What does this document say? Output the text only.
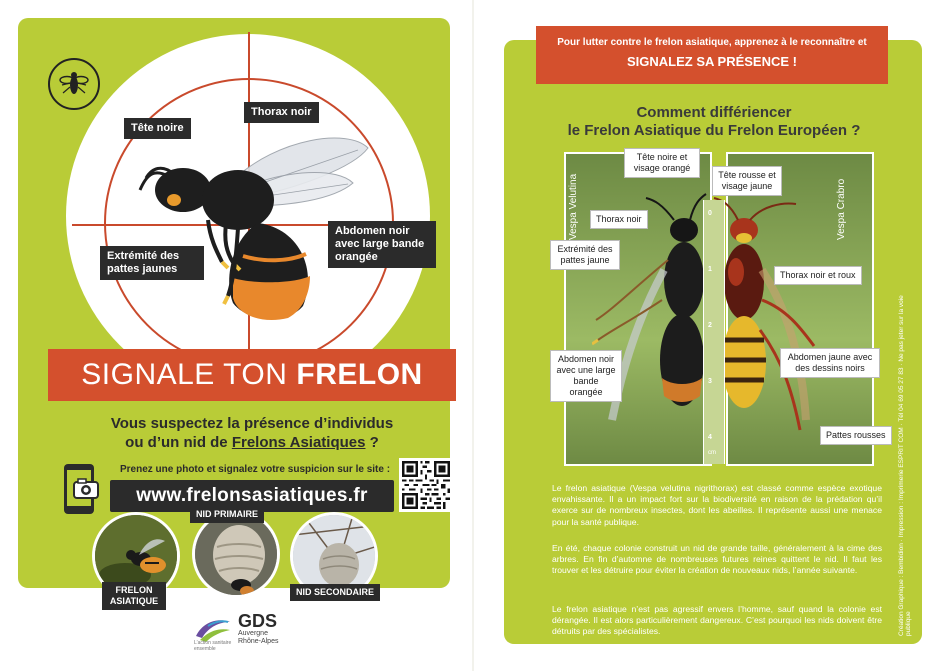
Tête noire
Thorax noir
Extrémité des pattes jaunes
Abdomen noir avec large bande orangée
SIGNALE TON FRELON
Vous suspectez la présence d’individus
ou d’un nid de Frelons Asiatiques ?
Prenez une photo et signalez votre suspicion sur le site :
www.frelonsasiatiques.fr
FRELON ASIATIQUE
NID PRIMAIRE
NID SECONDAIRE
GDS
Auvergne
Rhône-Alpes
L’action sanitaire ensemble
Pour lutter contre le frelon asiatique, apprenez à le reconnaître et
SIGNALEZ SA PRÉSENCE !
Comment différiencer
le Frelon Asiatique du Frelon Européen ?
Vespa Velutina	Vespa Crabro
0
1
2
3
4
cm
Tête noire et visage orangé
Tête rousse et visage jaune
Thorax noir
Extrémité des pattes jaune
Thorax noir et roux
Abdomen noir avec une large bande orangée
Abdomen jaune avec des dessins noirs
Pattes rousses
Le frelon asiatique (Vespa velutina nigrithorax) est classé comme espèce exotique envahissante. Il a un impact fort sur la biodiversité en raison de la prédation qu’il exerce sur de nombreux insectes, dont les abeilles. Il représente aussi une menace pour la santé publique.
En été, chaque colonie construit un nid de grande taille, généralement à la cime des arbres. En fin d’automne de nombreuses futures reines quittent le nid. Il faut les trouver et les détruire pour éviter la création de nouveaux nids, l’année suivante.
Le frelon asiatique n’est pas agressif envers l’homme, sauf quand la colonie est dérangée. Il est alors particulièrement dangereux. C’est pourquoi les nids doivent être détruits par des spécialistes.	Création Graphique : Bembidion · Impression : Imprimerie ESPRIT COM · Tél 04 69 05 27 83 · Ne pas jeter sur la voie publique
